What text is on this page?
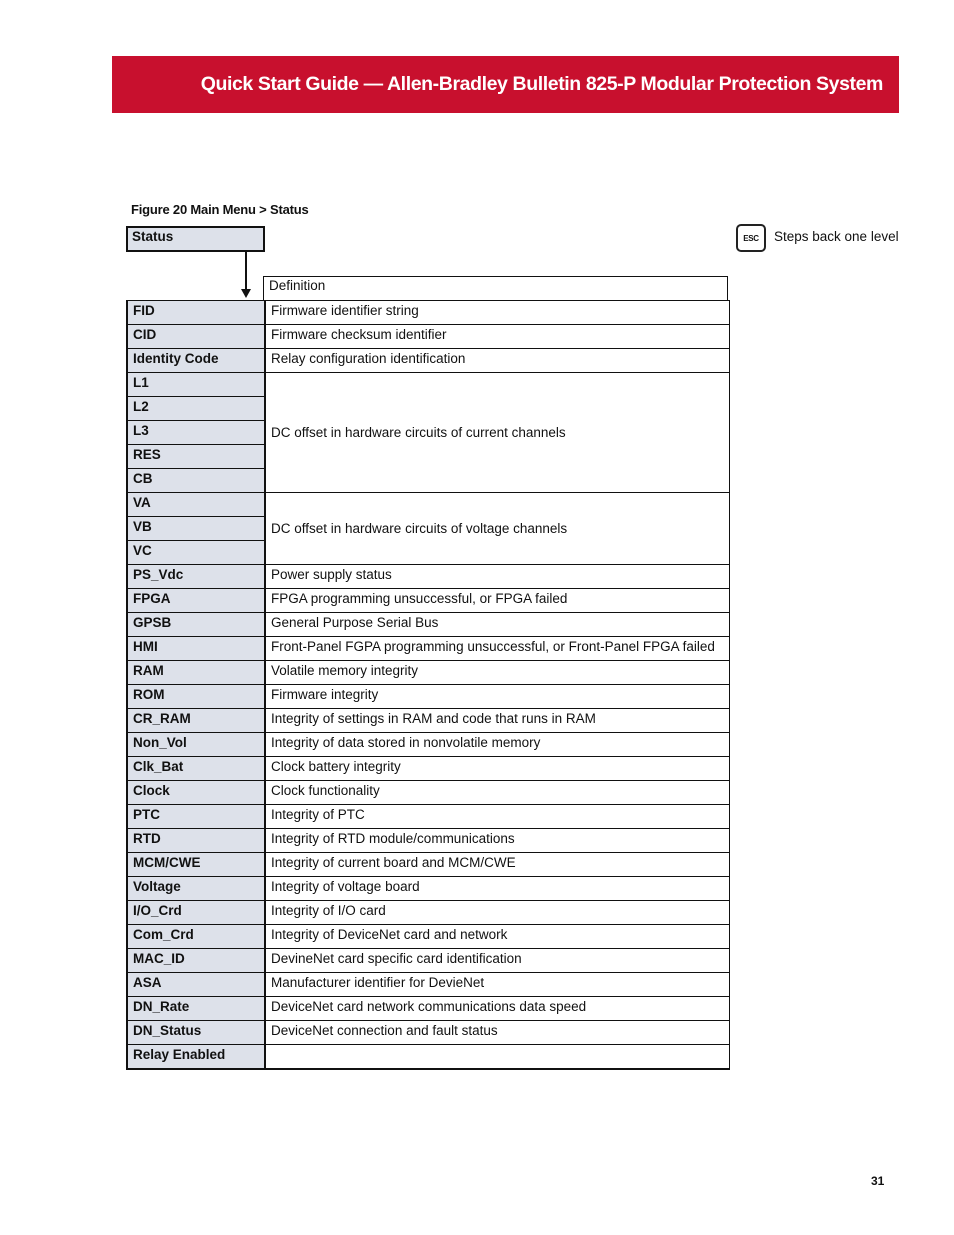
Quick Start Guide — Allen-Bradley Bulletin 825-P Modular Protection System
Figure 20 Main Menu > Status
Status	ESC	Steps back one level
Definition
FID	Firmware identifier string
CID	Firmware checksum identifier
Identity Code	Relay configuration identification
L1	DC offset in hardware circuits of current channels
L2	
L3	
RES	
CB	
VA	DC offset in hardware circuits of voltage channels
VB	
VC	
PS_Vdc	Power supply status
FPGA	FPGA programming unsuccessful, or FPGA failed
GPSB	General Purpose Serial Bus
HMI	Front-Panel FGPA programming unsuccessful, or Front-Panel FPGA failed
RAM	Volatile memory integrity
ROM	Firmware integrity
CR_RAM	Integrity of settings in RAM and code that runs in RAM
Non_Vol	Integrity of data stored in nonvolatile memory
Clk_Bat	Clock battery integrity
Clock	Clock functionality
PTC	Integrity of PTC
RTD	Integrity of RTD module/communications
MCM/CWE	Integrity of current board and MCM/CWE
Voltage	Integrity of voltage board
I/O_Crd	Integrity of I/O card
Com_Crd	Integrity of DeviceNet card and network
MAC_ID	DevineNet card specific card identification
ASA	Manufacturer identifier for DevieNet
DN_Rate	DeviceNet card network communications data speed
DN_Status	DeviceNet connection and fault status
Relay Enabled	
31
